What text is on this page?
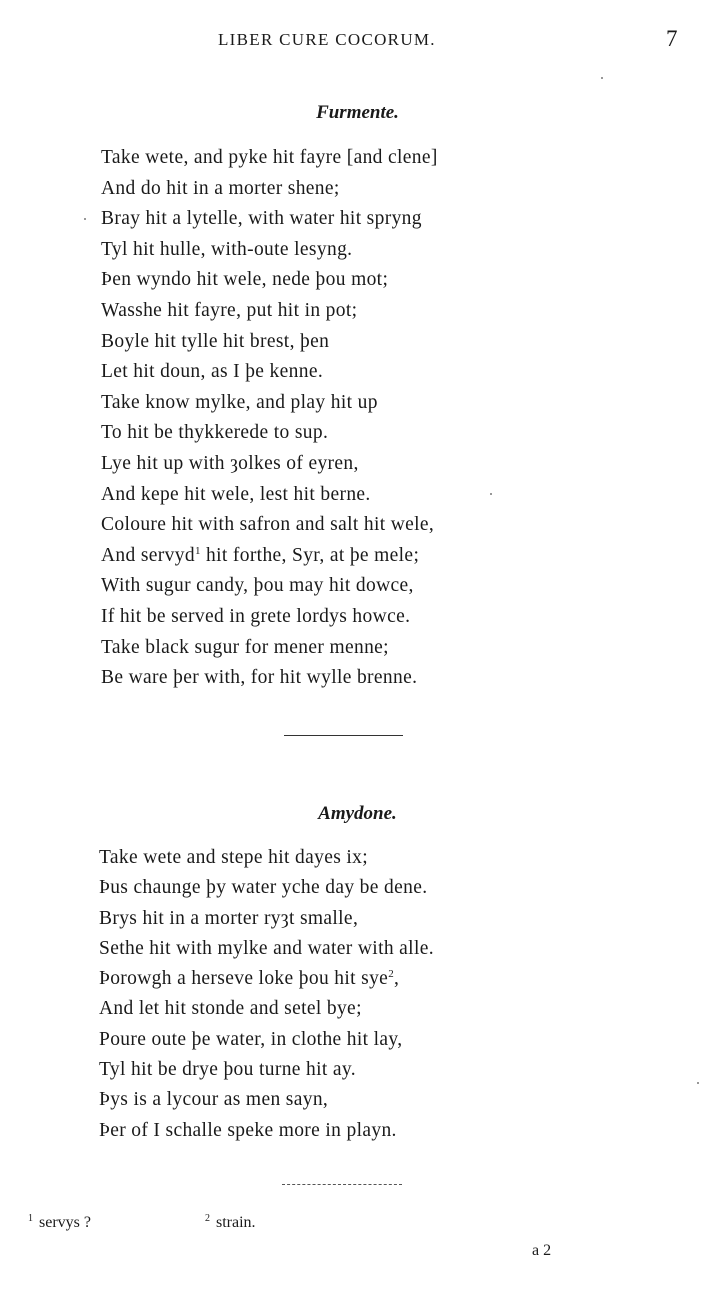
LIBER CURE COCORUM.	7
Furmente.
Take wete, and pyke hit fayre [and clene]
And do hit in a morter shene;
Bray hit a lytelle, with water hit spryng
Tyl hit hulle, with-oute lesyng.
Þen wyndo hit wele, nede þou mot;
Wasshe hit fayre, put hit in pot;
Boyle hit tylle hit brest, þen
Let hit doun, as I þe kenne.
Take know mylke, and play hit up
To hit be thykkerede to sup.
Lye hit up with ȝolkes of eyren,
And kepe hit wele, lest hit berne.
Coloure hit with safron and salt hit wele,
And servyd$^1$ hit forthe, Syr, at þe mele;
With sugur candy, þou may hit dowce,
If hit be served in grete lordys howce.
Take black sugur for mener menne;
Be ware þer with, for hit wylle brenne.
Amydone.
Take wete and stepe hit dayes ix;
Þus chaunge þy water yche day be dene.
Brys hit in a morter ryȝt smalle,
Sethe hit with mylke and water with alle.
Þorowgh a herseve loke þou hit sye$^2$,
And let hit stonde and setel bye;
Poure oute þe water, in clothe hit lay,
Tyl hit be drye þou turne hit ay.
Þys is a lycour as men sayn,
Þer of I schalle speke more in playn.
$^1$ servys ?	$^2$ strain.
a 2
